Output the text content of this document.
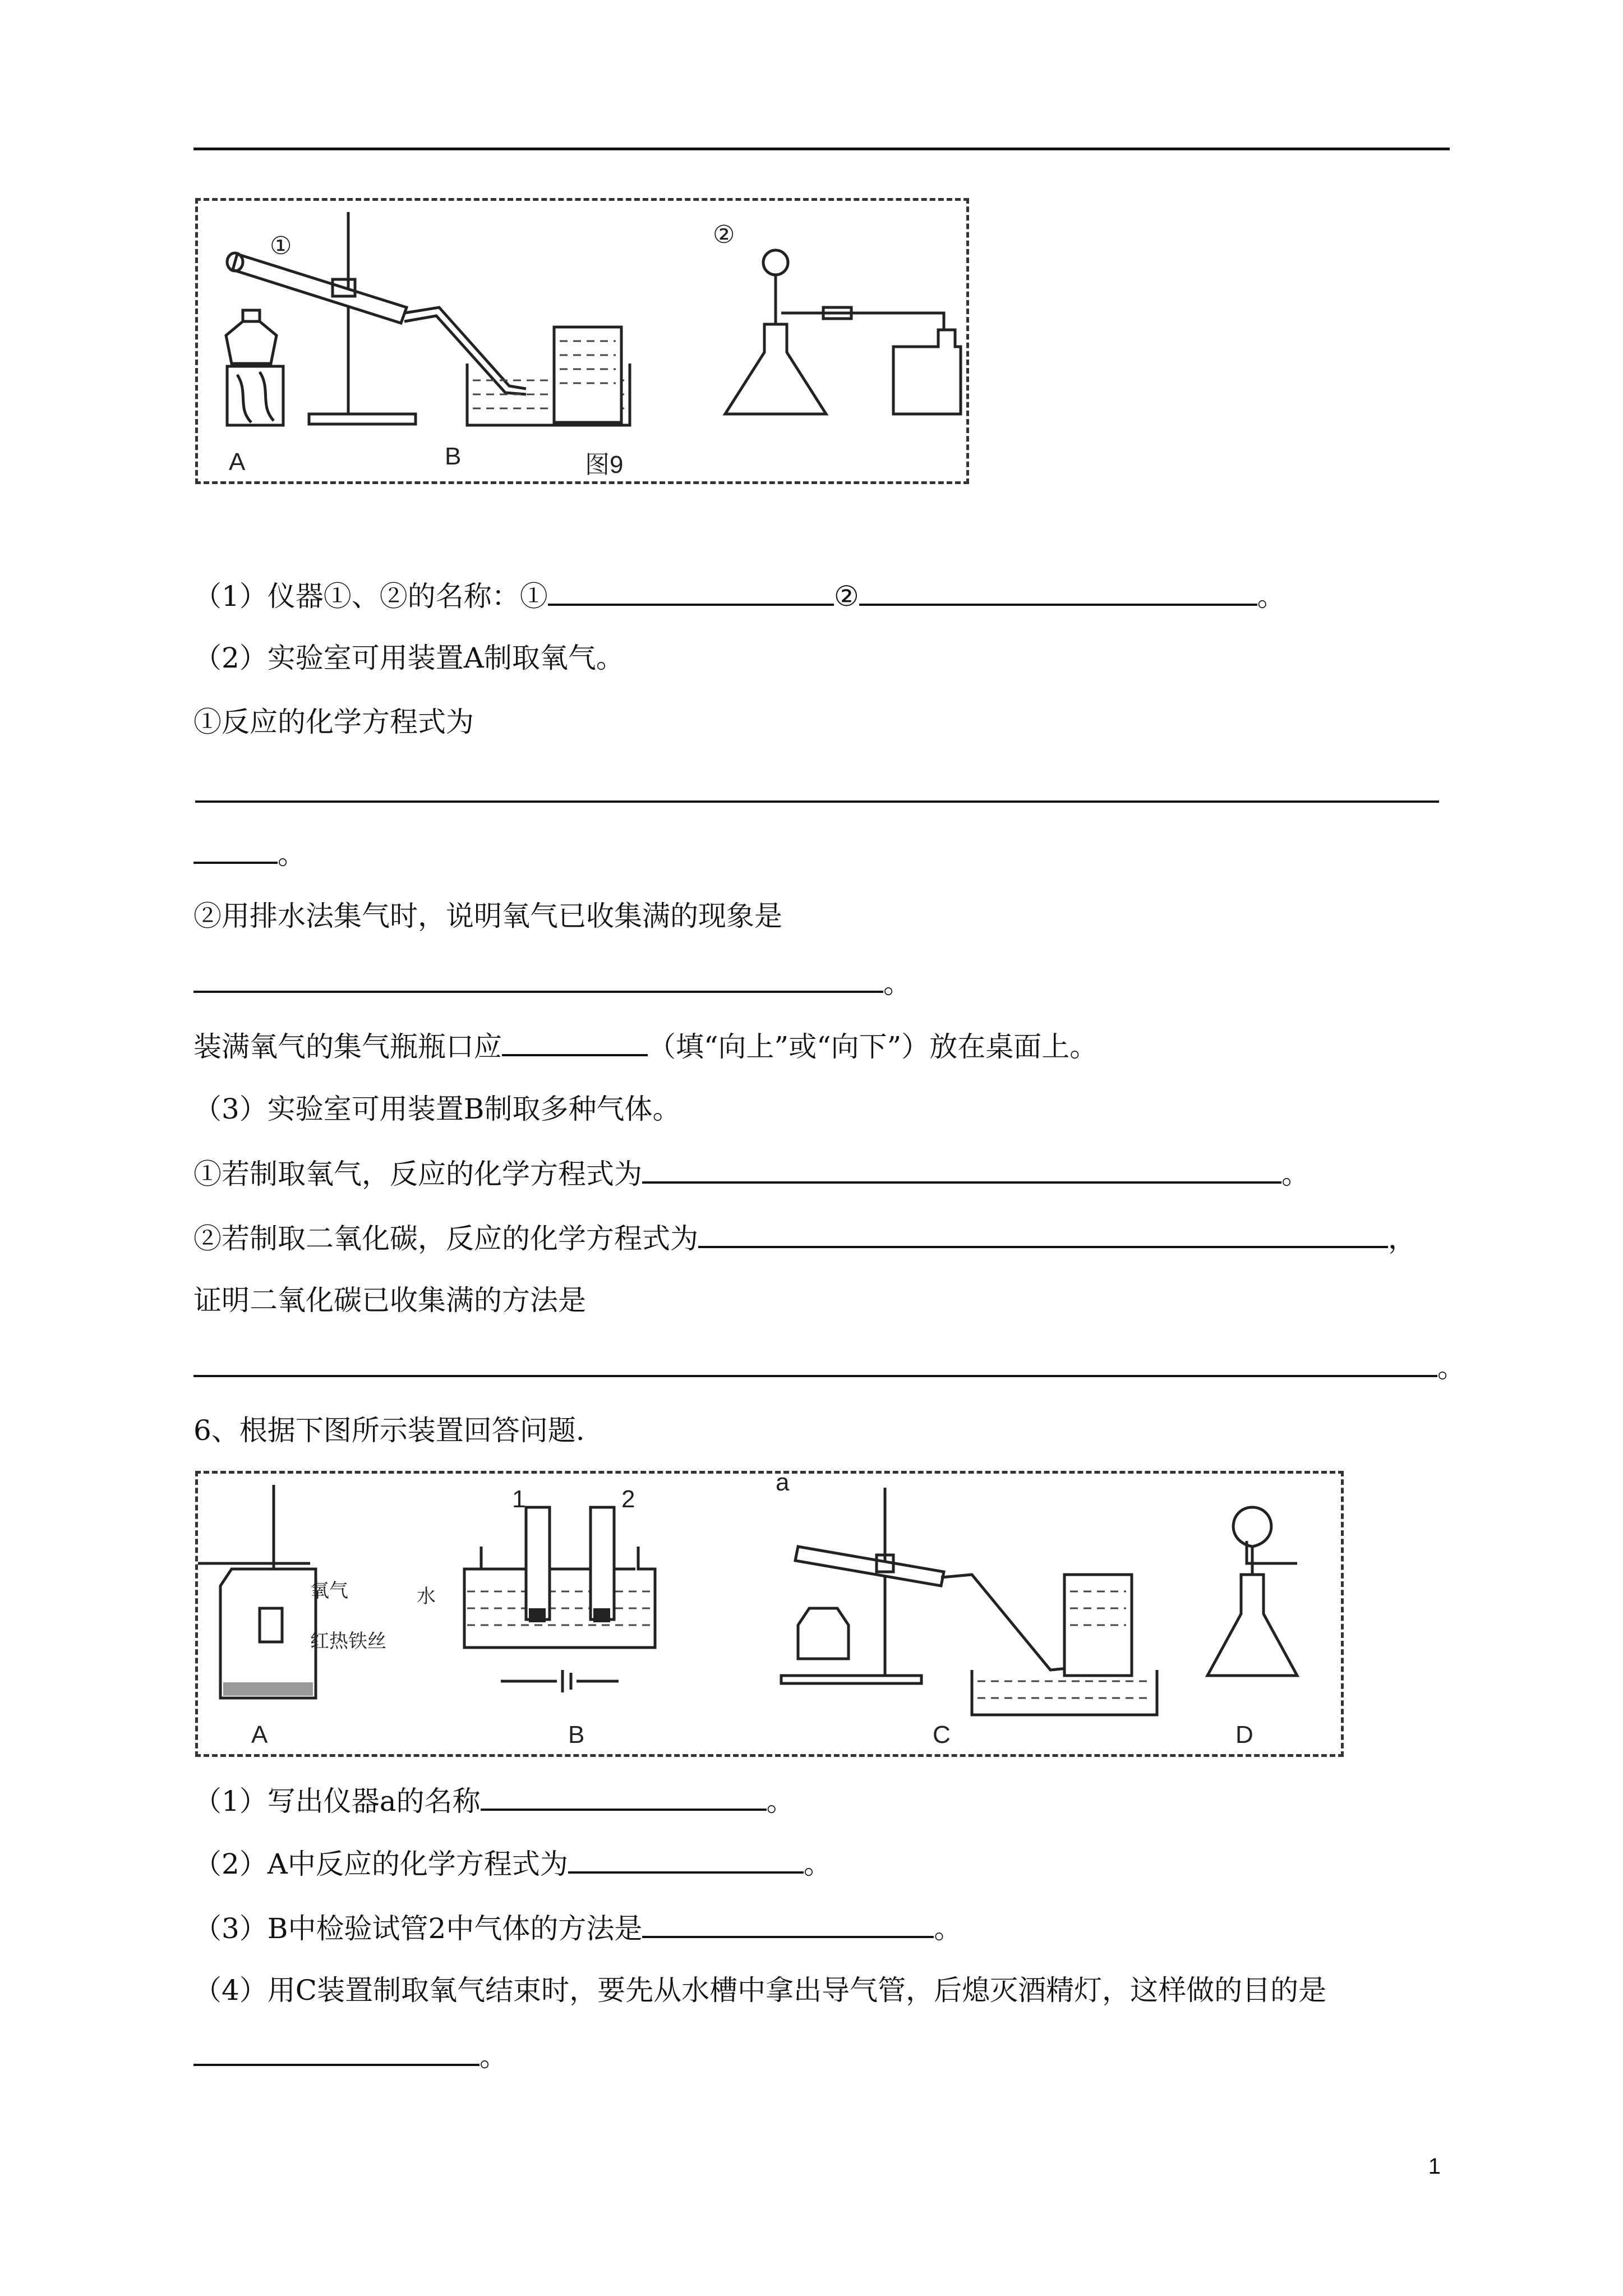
①
A	B	图9
②
（1）仪器①、②的名称：①	②	。
（2）实验室可用装置A制取氧气。
①反应的化学方程式为
。
②用排水法集气时，说明氧气已收集满的现象是
。
装满氧气的集气瓶瓶口应	（填“向上”或“向下”）放在桌面上。
（3）实验室可用装置B制取多种气体。
①若制取氧气，反应的化学方程式为	。
②若制取二氧化碳，反应的化学方程式为	，
证明二氧化碳已收集满的方法是
。
6、根据下图所示装置回答问题.
氧气
红热铁丝
A
1	2
水
B
a
C	D
（1）写出仪器a的名称	。
（2）A中反应的化学方程式为	。
（3）B中检验试管2中气体的方法是	。
（4）用C装置制取氧气结束时，要先从水槽中拿出导气管，后熄灭酒精灯，这样做的目的是
。
1
